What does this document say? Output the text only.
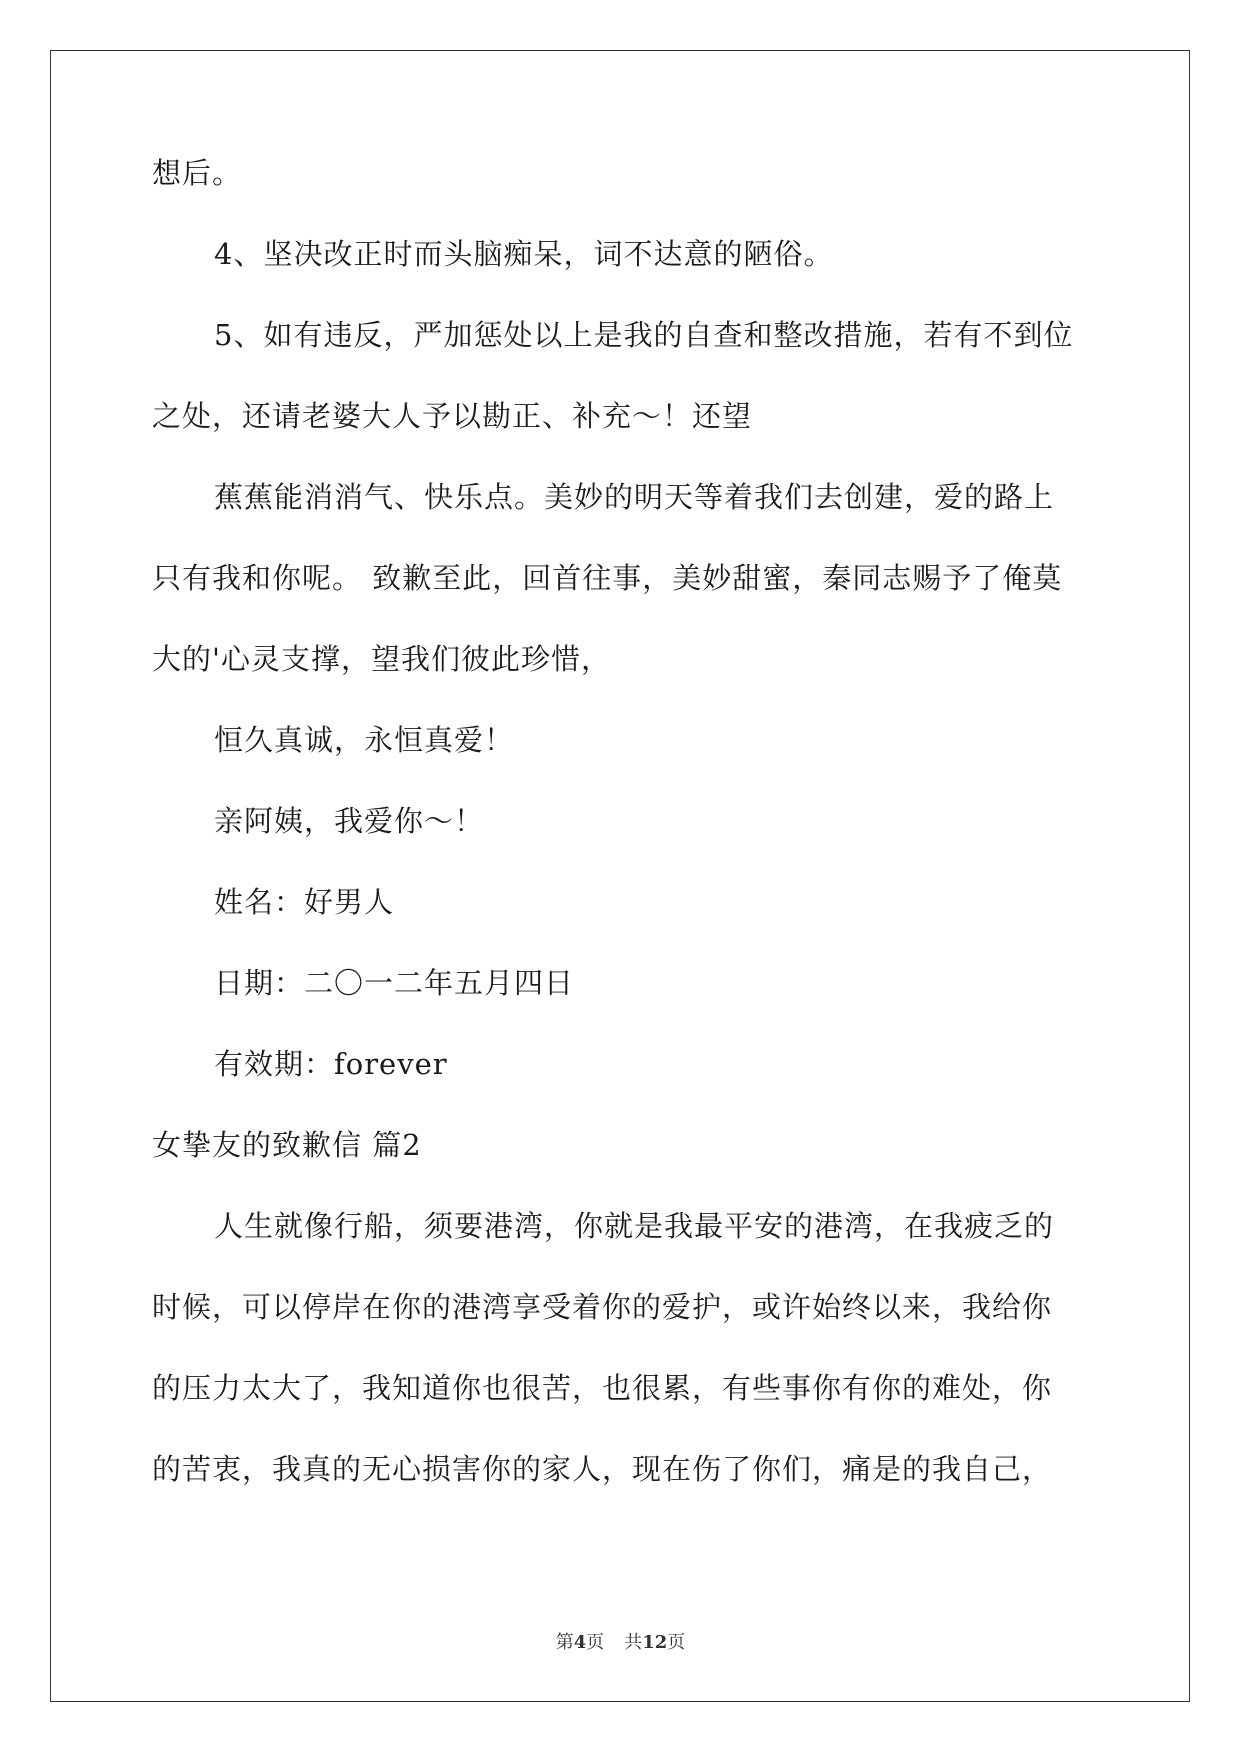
想后。

4、坚决改正时而头脑痴呆，词不达意的陋俗。

5、如有违反，严加惩处以上是我的自查和整改措施，若有不到位
之处，还请老婆大人予以勘正、补充～！还望

蕉蕉能消消气、快乐点。美妙的明天等着我们去创建，爱的路上
只有我和你呢。 致歉至此，回首往事，美妙甜蜜，秦同志赐予了俺莫
大的'心灵支撑，望我们彼此珍惜，

恒久真诚，永恒真爱！

亲阿姨，我爱你～！

姓名：好男人

日期：二〇一二年五月四日

有效期：forever

女挚友的致歉信 篇2

人生就像行船，须要港湾，你就是我最平安的港湾，在我疲乏的
时候，可以停岸在你的港湾享受着你的爱护，或许始终以来，我给你
的压力太大了，我知道你也很苦，也很累，有些事你有你的难处，你
的苦衷，我真的无心损害你的家人，现在伤了你们，痛是的我自己，

第4页 共12页
